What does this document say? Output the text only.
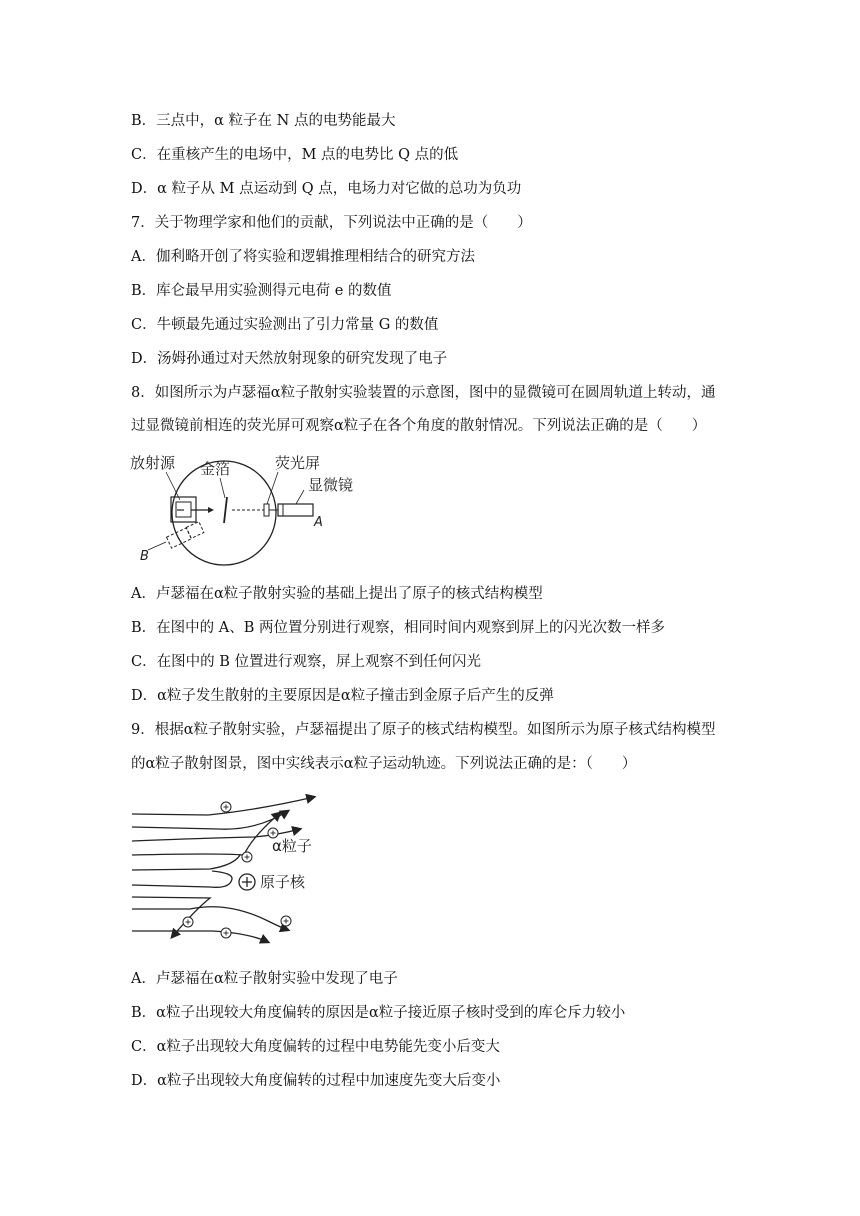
B．三点中，α 粒子在 N 点的电势能最大
C．在重核产生的电场中，M 点的电势比 Q 点的低
D．α 粒子从 M 点运动到 Q 点，电场力对它做的总功为负功
7．关于物理学家和他们的贡献，下列说法中正确的是（　　）
A．伽利略开创了将实验和逻辑推理相结合的研究方法
B．库仑最早用实验测得元电荷 e 的数值
C．牛顿最先通过实验测出了引力常量 G 的数值
D．汤姆孙通过对天然放射现象的研究发现了电子
8．如图所示为卢瑟福α粒子散射实验装置的示意图，图中的显微镜可在圆周轨道上转动，通
过显微镜前相连的荧光屏可观察α粒子在各个角度的散射情况。下列说法正确的是（　　）
放射源 金箔	荧光屏
显微镜
A
B
A．卢瑟福在α粒子散射实验的基础上提出了原子的核式结构模型
B．在图中的 A、B 两位置分别进行观察，相同时间内观察到屏上的闪光次数一样多
C．在图中的 B 位置进行观察，屏上观察不到任何闪光
D．α粒子发生散射的主要原因是α粒子撞击到金原子后产生的反弹
9．根据α粒子散射实验，卢瑟福提出了原子的核式结构模型。如图所示为原子核式结构模型
的α粒子散射图景，图中实线表示α粒子运动轨迹。下列说法正确的是：（　　）
α粒子
原子核
A．卢瑟福在α粒子散射实验中发现了电子
B．α粒子出现较大角度偏转的原因是α粒子接近原子核时受到的库仑斥力较小
C．α粒子出现较大角度偏转的过程中电势能先变小后变大
D．α粒子出现较大角度偏转的过程中加速度先变大后变小
